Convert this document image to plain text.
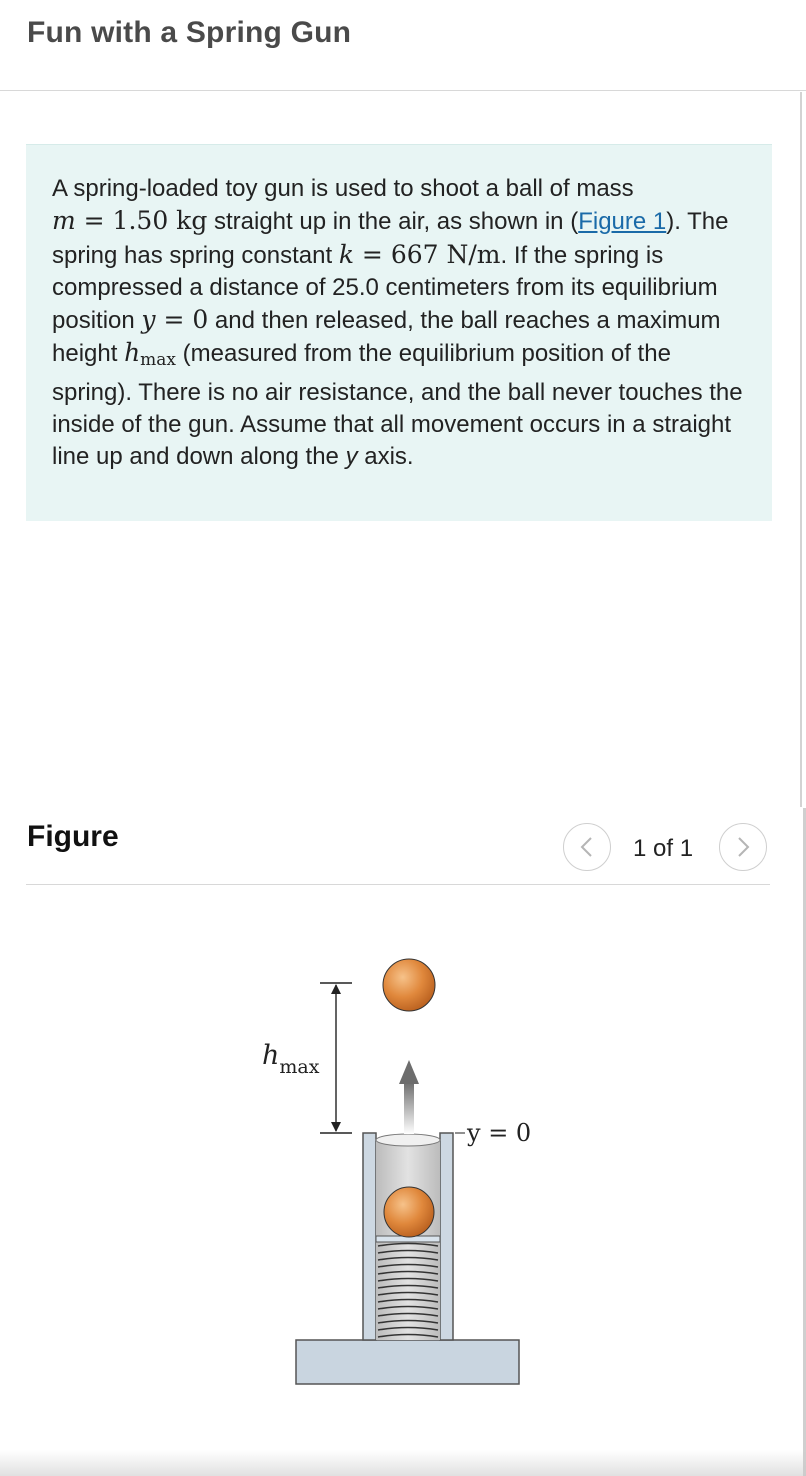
Fun with a Spring Gun

A spring-loaded toy gun is used to shoot a ball of mass
m = 1.50 kg straight up in the air, as shown in (Figure 1). The spring has spring constant k = 667 N/m. If the spring is compressed a distance of 25.0 centimeters from its equilibrium position y = 0 and then released, the ball reaches a maximum height $h_{max}$ (measured from the equilibrium position of the spring). There is no air resistance, and the ball never touches the inside of the gun. Assume that all movement occurs in a straight line up and down along the y axis.

Figure	1 of 1
y = 0
$h_{max}$
